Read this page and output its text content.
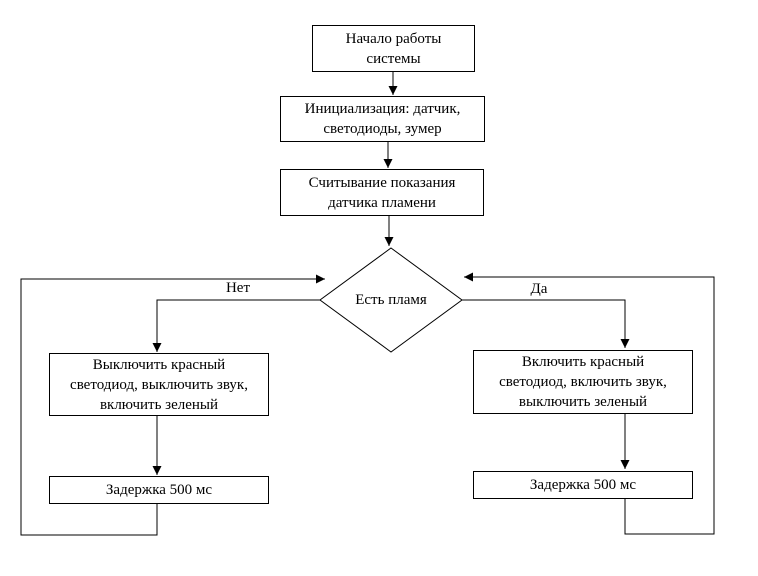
Начало работы
системы
Инициализация: датчик,
светодиоды, зумер
Считывание показания
датчика пламени
Есть пламя
Нет	Да
Выключить красный
светодиод, выключить звук,
включить зеленый
Задержка 500 мс
Включить красный
светодиод, включить звук,
выключить зеленый
Задержка 500 мс
